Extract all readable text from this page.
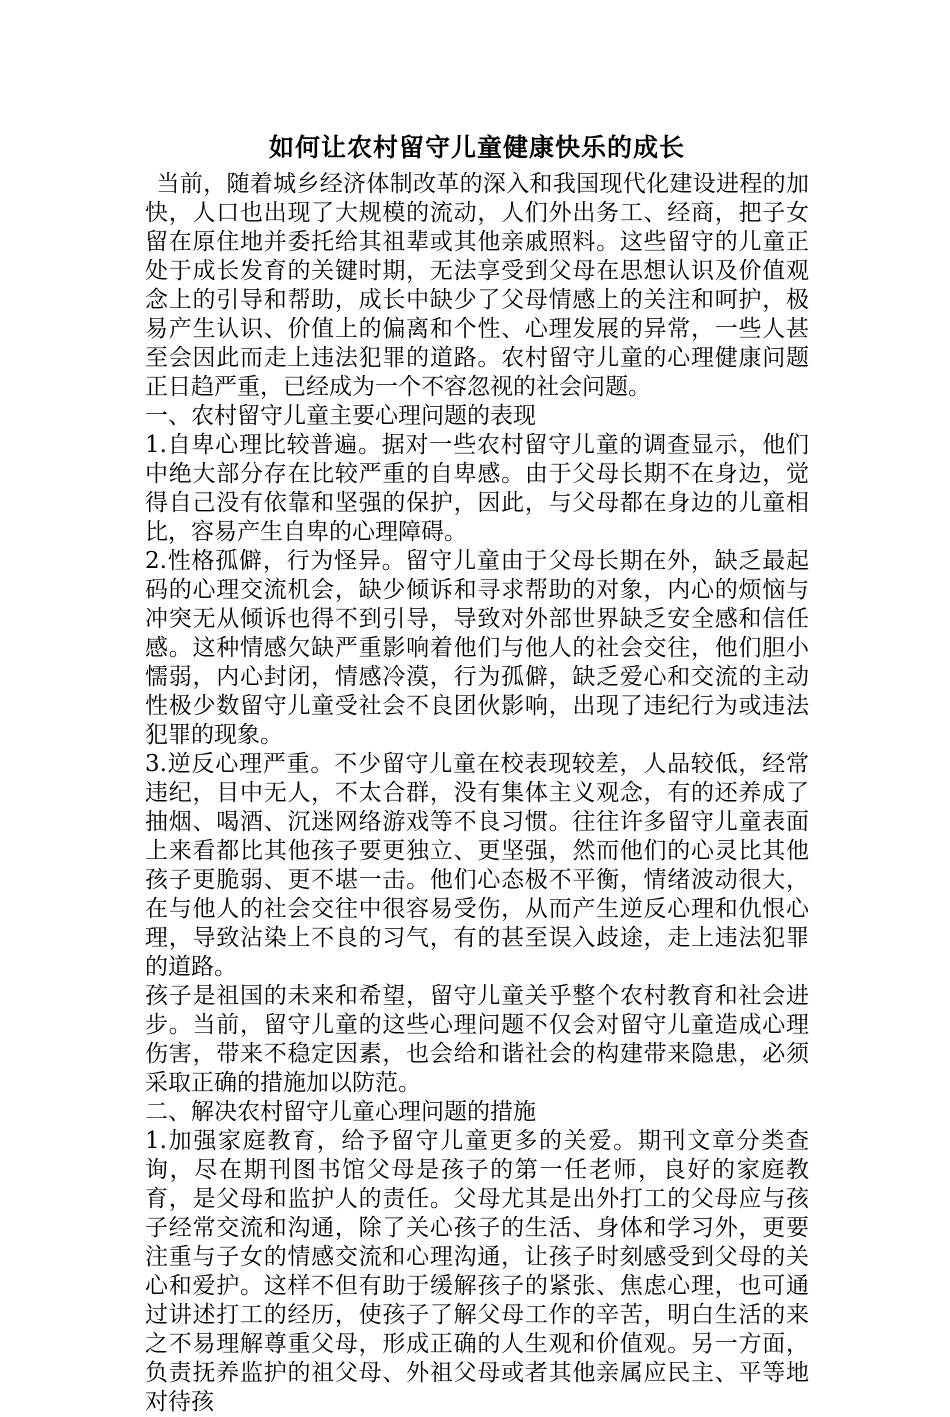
如何让农村留守儿童健康快乐的成长

当前，随着城乡经济体制改革的深入和我国现代化建设进程的加快，人口也出现了大规模的流动，人们外出务工、经商，把子女留在原住地并委托给其祖辈或其他亲戚照料。这些留守的儿童正处于成长发育的关键时期，无法享受到父母在思想认识及价值观念上的引导和帮助，成长中缺少了父母情感上的关注和呵护，极易产生认识、价值上的偏离和个性、心理发展的异常，一些人甚至会因此而走上违法犯罪的道路。农村留守儿童的心理健康问题正日趋严重，已经成为一个不容忽视的社会问题。

一、农村留守儿童主要心理问题的表现

1.自卑心理比较普遍。据对一些农村留守儿童的调查显示，他们中绝大部分存在比较严重的自卑感。由于父母长期不在身边，觉得自己没有依靠和坚强的保护，因此，与父母都在身边的儿童相比，容易产生自卑的心理障碍。

2.性格孤僻，行为怪异。留守儿童由于父母长期在外，缺乏最起码的心理交流机会，缺少倾诉和寻求帮助的对象，内心的烦恼与冲突无从倾诉也得不到引导，导致对外部世界缺乏安全感和信任感。这种情感欠缺严重影响着他们与他人的社会交往，他们胆小懦弱，内心封闭，情感冷漠，行为孤僻，缺乏爱心和交流的主动性极少数留守儿童受社会不良团伙影响，出现了违纪行为或违法犯罪的现象。

3.逆反心理严重。不少留守儿童在校表现较差，人品较低，经常违纪，目中无人，不太合群，没有集体主义观念，有的还养成了抽烟、喝酒、沉迷网络游戏等不良习惯。往往许多留守儿童表面上来看都比其他孩子要更独立、更坚强，然而他们的心灵比其他孩子更脆弱、更不堪一击。他们心态极不平衡，情绪波动很大，在与他人的社会交往中很容易受伤，从而产生逆反心理和仇恨心理，导致沾染上不良的习气，有的甚至误入歧途，走上违法犯罪的道路。

孩子是祖国的未来和希望，留守儿童关乎整个农村教育和社会进步。当前，留守儿童的这些心理问题不仅会对留守儿童造成心理伤害，带来不稳定因素，也会给和谐社会的构建带来隐患，必须采取正确的措施加以防范。

二、解决农村留守儿童心理问题的措施

1.加强家庭教育，给予留守儿童更多的关爱。期刊文章分类查询，尽在期刊图书馆父母是孩子的第一任老师，良好的家庭教育，是父母和监护人的责任。父母尤其是出外打工的父母应与孩子经常交流和沟通，除了关心孩子的生活、身体和学习外，更要注重与子女的情感交流和心理沟通，让孩子时刻感受到父母的关心和爱护。这样不但有助于缓解孩子的紧张、焦虑心理，也可通过讲述打工的经历，使孩子了解父母工作的辛苦，明白生活的来之不易理解尊重父母，形成正确的人生观和价值观。另一方面，负责抚养监护的祖父母、外祖父母或者其他亲属应民主、平等地对待孩
